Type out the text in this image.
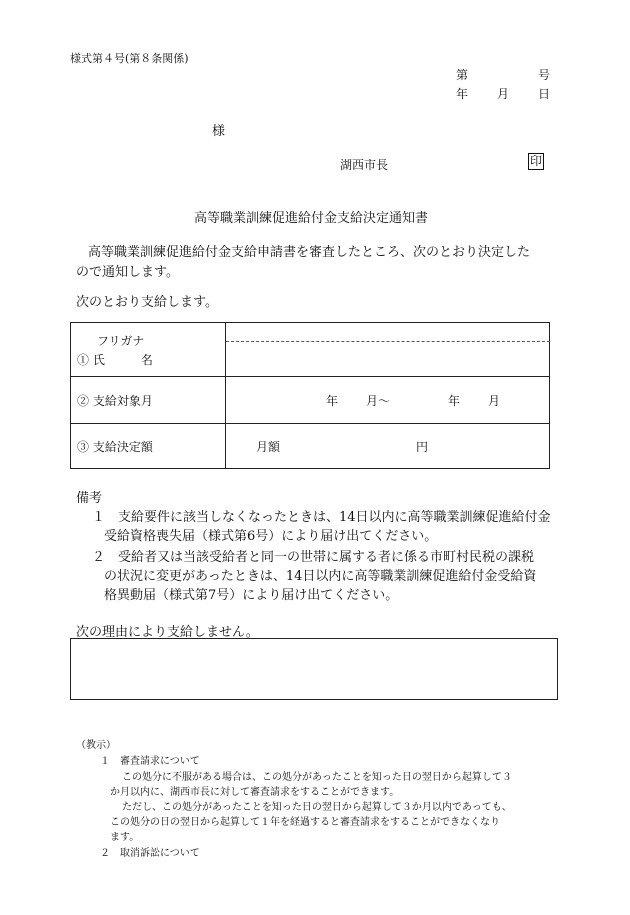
様式第４号(第８条関係)
第	号
年 月 日
様
湖西市長	印
高等職業訓練促進給付金支給決定通知書
高等職業訓練促進給付金支給申請書を審査したところ、次のとおり決定した
ので通知します。
次のとおり支給します。
フリガナ
① 氏　　　名	

② 支給対象月	年 月〜 年 月

③ 支給決定額	月額 円
備考
１　支給要件に該当しなくなったときは、14日以内に高等職業訓練促進給付金
受給資格喪失届（様式第6号）により届け出てください。
２　受給者又は当該受給者と同一の世帯に属する者に係る市町村民税の課税
の状況に変更があったときは、14日以内に高等職業訓練促進給付金受給資
格異動届（様式第7号）により届け出てください。
次の理由により支給しません。
（教示）
１　審査請求について
この処分に不服がある場合は、この処分があったことを知った日の翌日から起算して３
か月以内に、湖西市長に対して審査請求をすることができます。
ただし、この処分があったことを知った日の翌日から起算して３か月以内であっても、
この処分の日の翌日から起算して１年を経過すると審査請求をすることができなくなり
ます。
２　取消訴訟について
